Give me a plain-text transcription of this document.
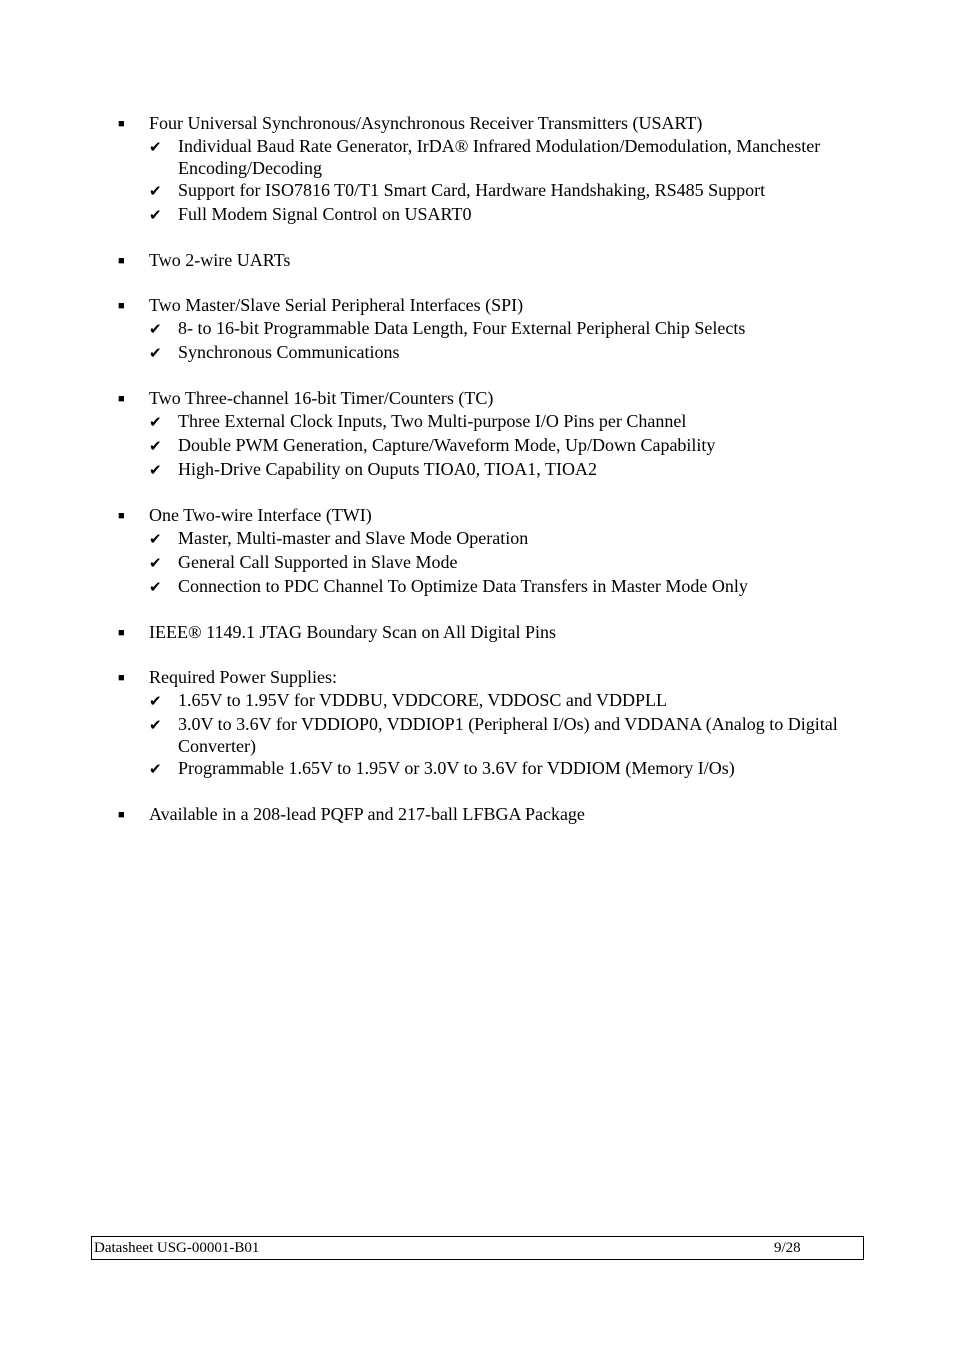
■	Four Universal Synchronous/Asynchronous Receiver Transmitters (USART)
✔ Individual Baud Rate Generator, IrDA® Infrared Modulation/Demodulation, Manchester Encoding/Decoding
✔ Support for ISO7816 T0/T1 Smart Card, Hardware Handshaking, RS485 Support
✔ Full Modem Signal Control on USART0
■	Two 2-wire UARTs
■	Two Master/Slave Serial Peripheral Interfaces (SPI)
✔ 8- to 16-bit Programmable Data Length, Four External Peripheral Chip Selects
✔ Synchronous Communications
■	Two Three-channel 16-bit Timer/Counters (TC)
✔ Three External Clock Inputs, Two Multi-purpose I/O Pins per Channel
✔ Double PWM Generation, Capture/Waveform Mode, Up/Down Capability
✔ High-Drive Capability on Ouputs TIOA0, TIOA1, TIOA2
■	One Two-wire Interface (TWI)
✔ Master, Multi-master and Slave Mode Operation
✔ General Call Supported in Slave Mode
✔ Connection to PDC Channel To Optimize Data Transfers in Master Mode Only
■	IEEE® 1149.1 JTAG Boundary Scan on All Digital Pins
■	Required Power Supplies:
✔ 1.65V to 1.95V for VDDBU, VDDCORE, VDDOSC and VDDPLL
✔ 3.0V to 3.6V for VDDIOP0, VDDIOP1 (Peripheral I/Os) and VDDANA (Analog to Digital Converter)
✔ Programmable 1.65V to 1.95V or 3.0V to 3.6V for VDDIOM (Memory I/Os)
■	Available in a 208-lead PQFP and 217-ball LFBGA Package
Datasheet USG-00001-B01	9/28
